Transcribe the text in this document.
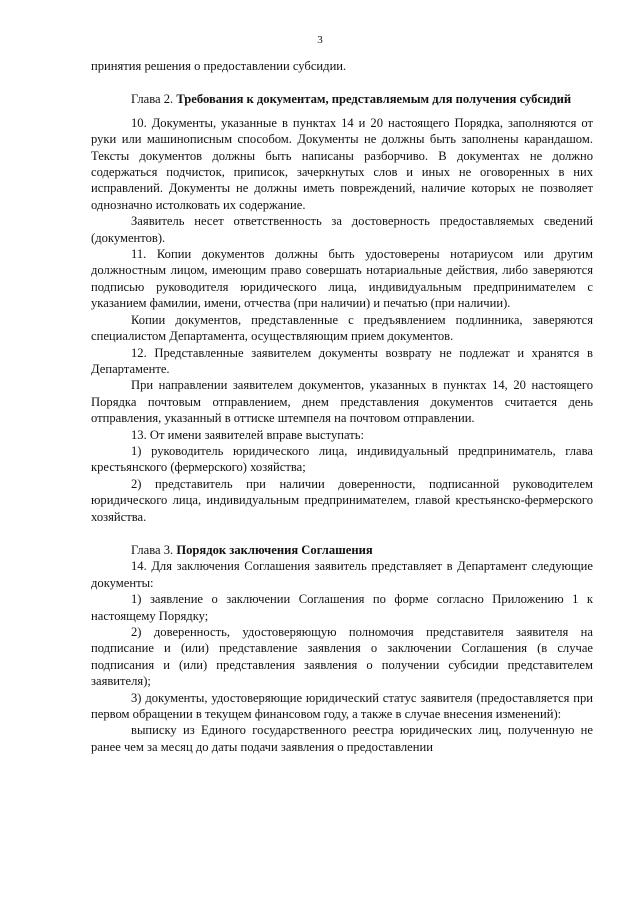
3

принятия решения о предоставлении субсидии.

Глава 2. Требования к документам, представляемым для получения субсидий

10. Документы, указанные в пунктах 14 и 20 настоящего Порядка, заполняются от руки или машинописным способом. Документы не должны быть заполнены карандашом. Тексты документов должны быть написаны разборчиво. В документах не должно содержаться подчисток, приписок, зачеркнутых слов и иных не оговоренных в них исправлений. Документы не должны иметь повреждений, наличие которых не позволяет однозначно истолковать их содержание.

Заявитель несет ответственность за достоверность предоставляемых сведений (документов).

11. Копии документов должны быть удостоверены нотариусом или другим должностным лицом, имеющим право совершать нотариальные действия, либо заверяются подписью руководителя юридического лица, индивидуальным предпринимателем с указанием фамилии, имени, отчества (при наличии) и печатью (при наличии).

Копии документов, представленные с предъявлением подлинника, заверяются специалистом Департамента, осуществляющим прием документов.

12. Представленные заявителем документы возврату не подлежат и хранятся в Департаменте.

При направлении заявителем документов, указанных в пунктах 14, 20 настоящего Порядка почтовым отправлением, днем представления документов считается день отправления, указанный в оттиске штемпеля на почтовом отправлении.

13. От имени заявителей вправе выступать:

1) руководитель юридического лица, индивидуальный предприниматель, глава крестьянского (фермерского) хозяйства;

2) представитель при наличии доверенности, подписанной руководителем юридического лица, индивидуальным предпринимателем, главой крестьянско-фермерского хозяйства.

Глава 3. Порядок заключения Соглашения

14. Для заключения Соглашения заявитель представляет в Департамент следующие документы:

1) заявление о заключении Соглашения по форме согласно Приложению 1 к настоящему Порядку;

2) доверенность, удостоверяющую полномочия представителя заявителя на подписание и (или) представление заявления о заключении Соглашения (в случае подписания и (или) представления заявления о получении субсидии представителем заявителя);

3) документы, удостоверяющие юридический статус заявителя (предоставляется при первом обращении в текущем финансовом году, а также в случае внесения изменений):

выписку из Единого государственного реестра юридических лиц, полученную не ранее чем за месяц до даты подачи заявления о предоставлении
